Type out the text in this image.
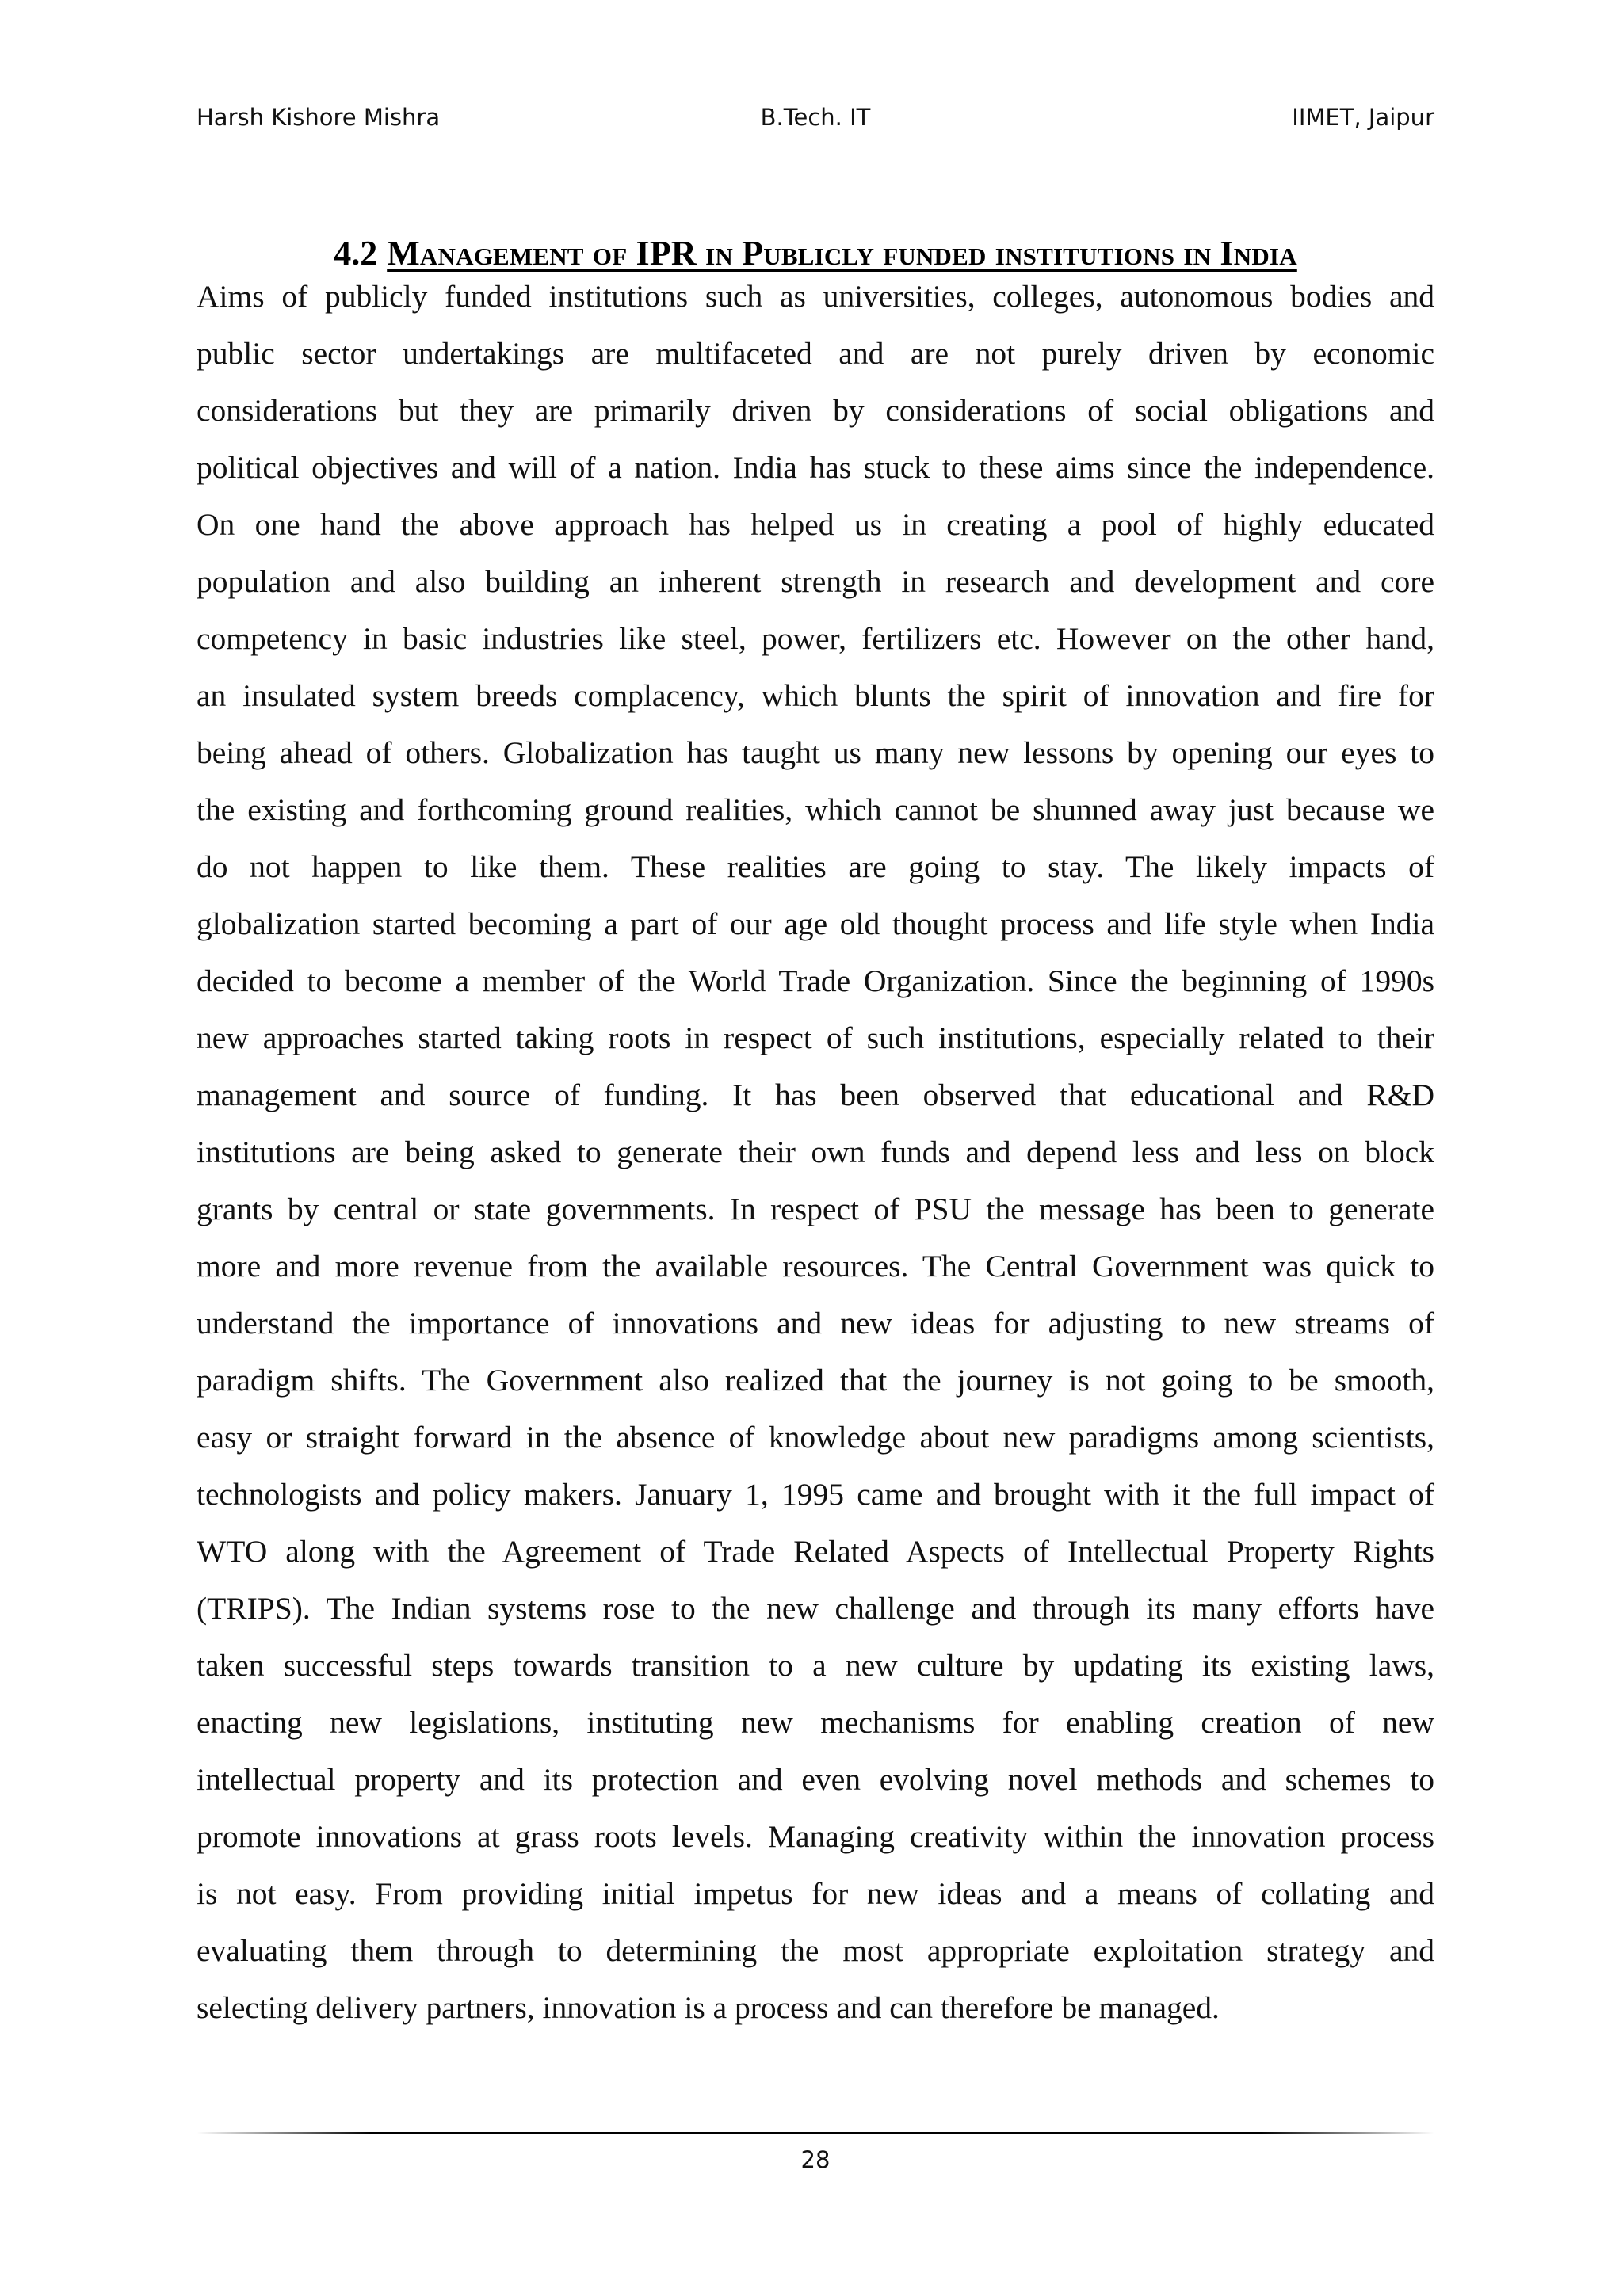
Harsh Kishore Mishra	B.Tech. IT	IIMET, Jaipur
4.2 Management of IPR in Publicly funded institutions in India
Aims of publicly funded institutions such as universities, colleges, autonomous bodies and
public sector undertakings are multifaceted and are not purely driven by economic
considerations but they are primarily driven by considerations of social obligations and
political objectives and will of a nation. India has stuck to these aims since the independence.
On one hand the above approach has helped us in creating a pool of highly educated
population and also building an inherent strength in research and development and core
competency in basic industries like steel, power, fertilizers etc. However on the other hand,
an insulated system breeds complacency, which blunts the spirit of innovation and fire for
being ahead of others. Globalization has taught us many new lessons by opening our eyes to
the existing and forthcoming ground realities, which cannot be shunned away just because we
do not happen to like them. These realities are going to stay. The likely impacts of
globalization started becoming a part of our age old thought process and life style when India
decided to become a member of the World Trade Organization. Since the beginning of 1990s
new approaches started taking roots in respect of such institutions, especially related to their
management and source of funding. It has been observed that educational and R&D
institutions are being asked to generate their own funds and depend less and less on block
grants by central or state governments. In respect of PSU the message has been to generate
more and more revenue from the available resources. The Central Government was quick to
understand the importance of innovations and new ideas for adjusting to new streams of
paradigm shifts. The Government also realized that the journey is not going to be smooth,
easy or straight forward in the absence of knowledge about new paradigms among scientists,
technologists and policy makers. January 1, 1995 came and brought with it the full impact of
WTO along with the Agreement of Trade Related Aspects of Intellectual Property Rights
(TRIPS). The Indian systems rose to the new challenge and through its many efforts have
taken successful steps towards transition to a new culture by updating its existing laws,
enacting new legislations, instituting new mechanisms for enabling creation of new
intellectual property and its protection and even evolving novel methods and schemes to
promote innovations at grass roots levels. Managing creativity within the innovation process
is not easy. From providing initial impetus for new ideas and a means of collating and
evaluating them through to determining the most appropriate exploitation strategy and
selecting delivery partners, innovation is a process and can therefore be managed.
28
